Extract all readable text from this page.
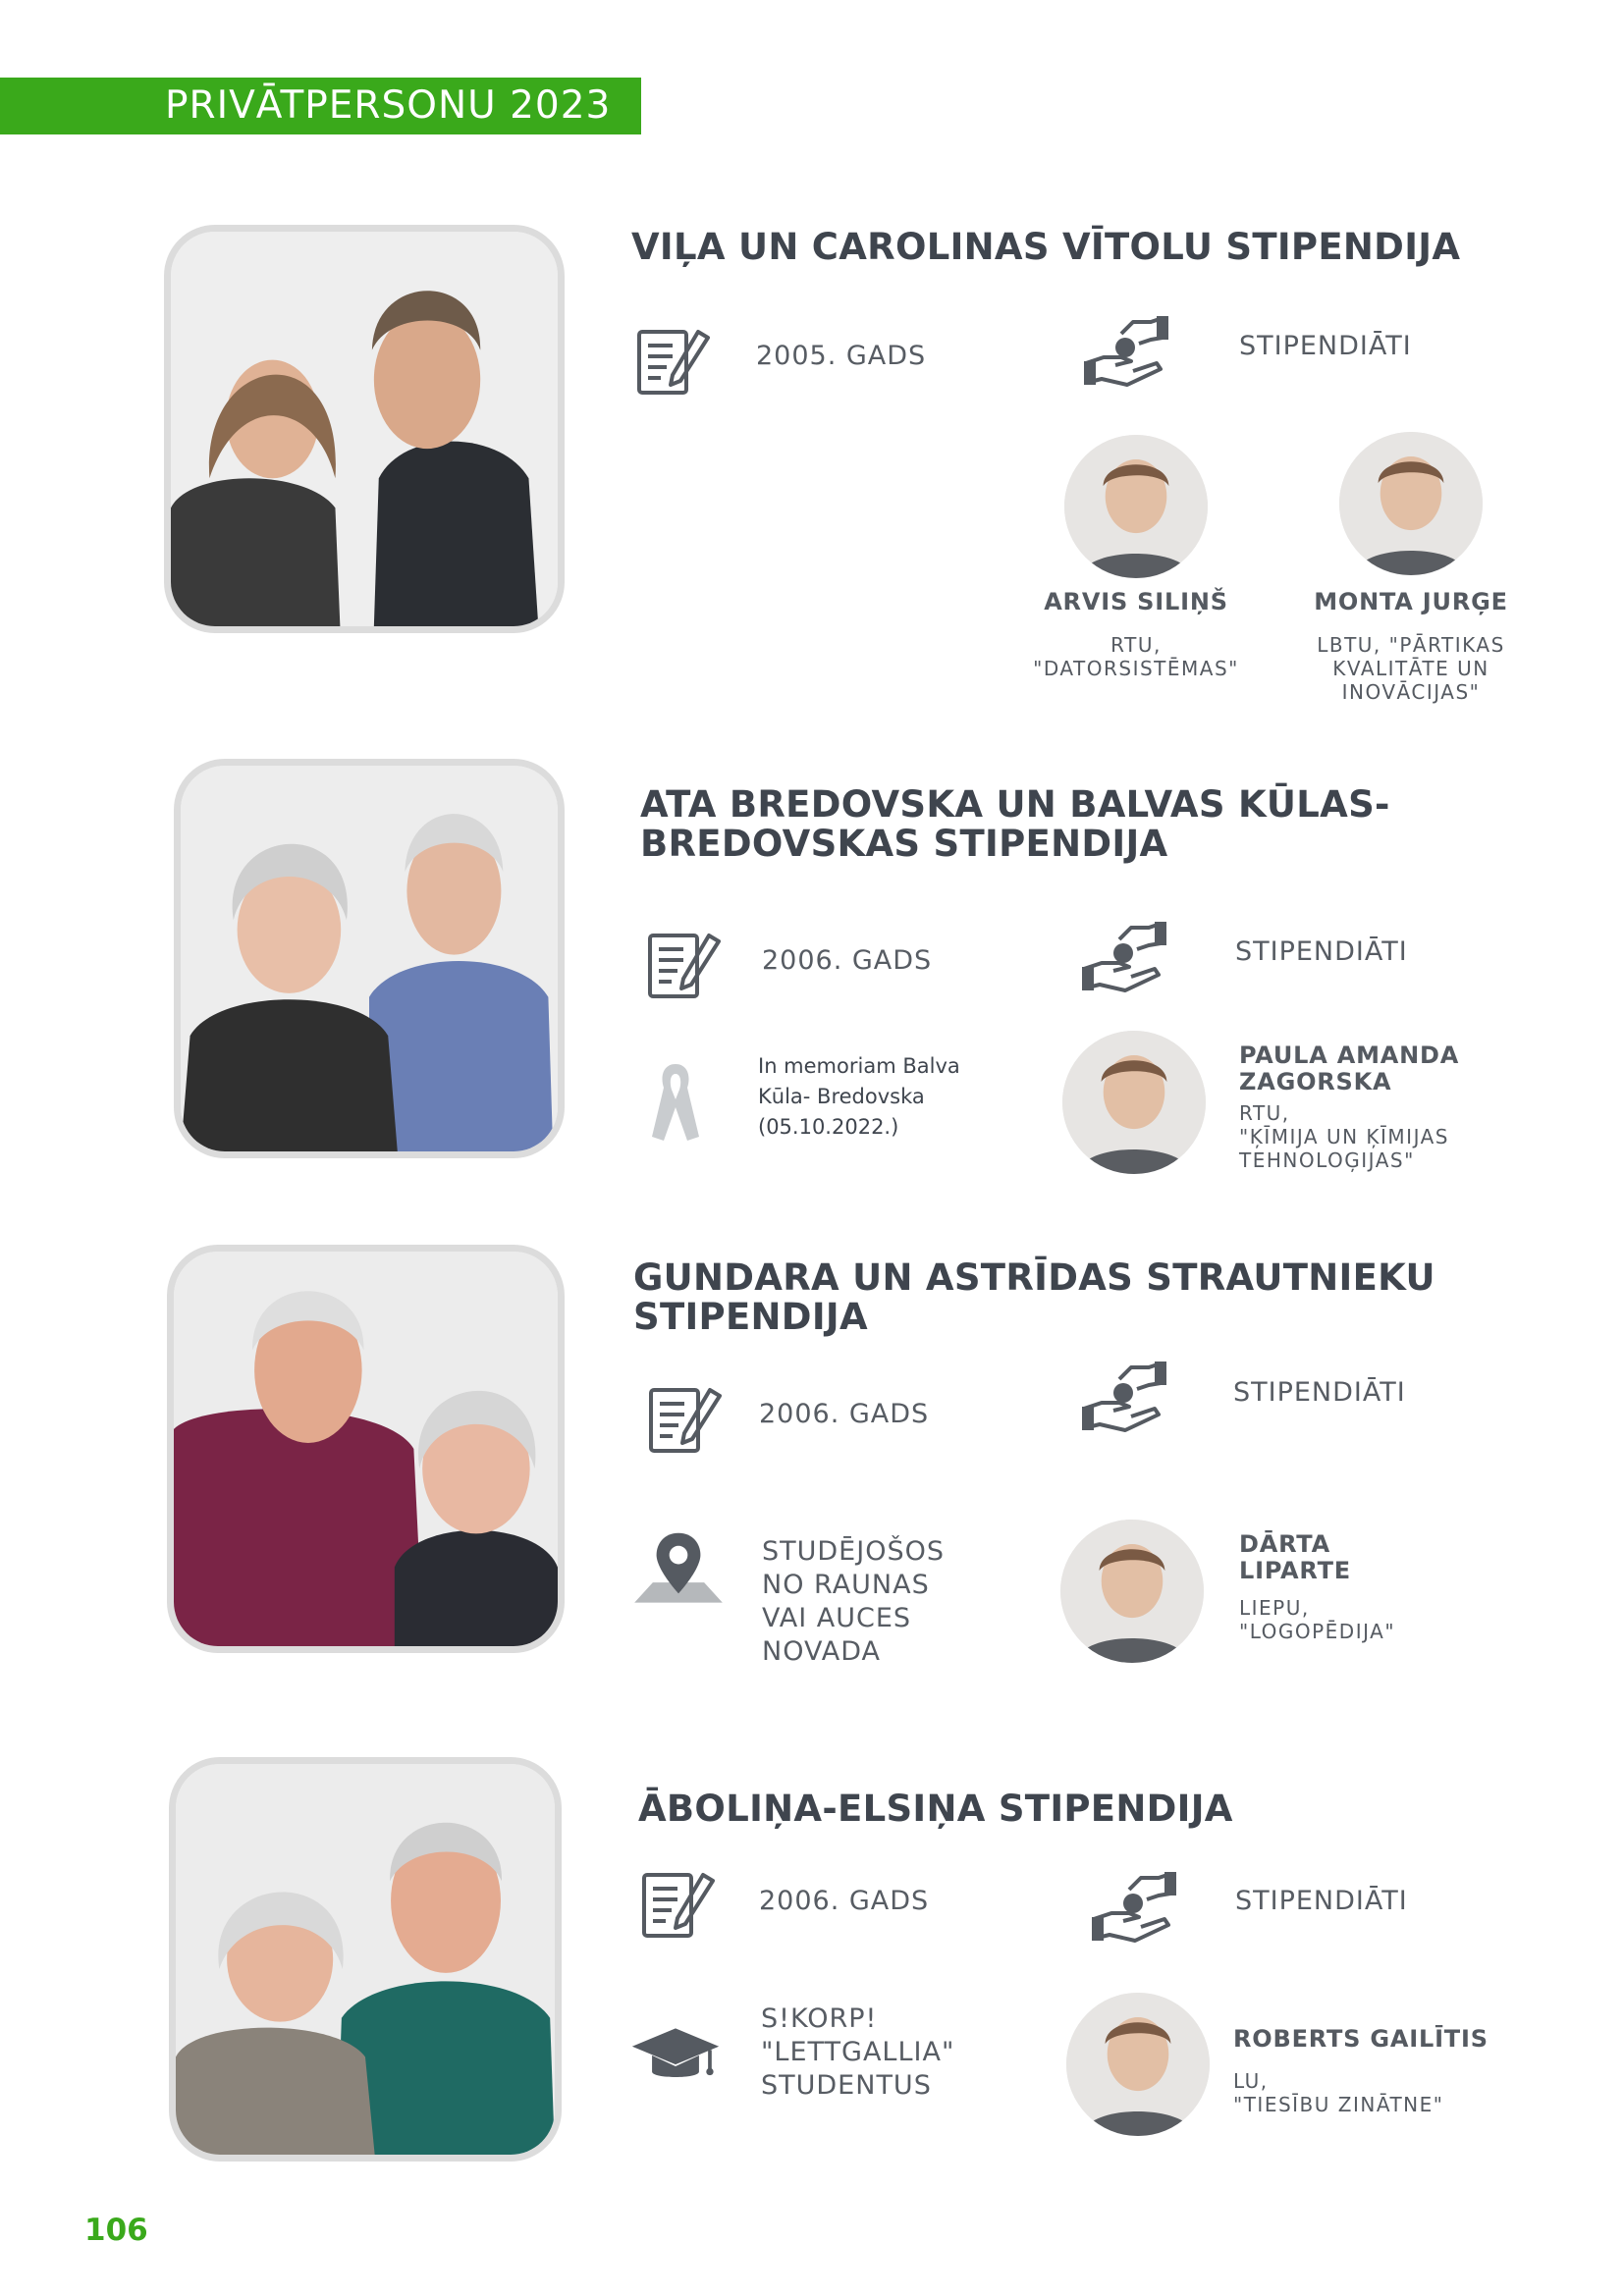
PRIVĀTPERSONU 2023
VIĻA UN CAROLINAS VĪTOLU STIPENDIJA
2005. GADS	STIPENDIĀTI
ARVIS SILIŅŠ
RTU,
"DATORSISTĒMAS"
MONTA JURĢE
LBTU, "PĀRTIKAS
KVALITĀTE UN
INOVĀCIJAS"
ATA BREDOVSKA UN BALVAS KŪLAS-
BREDOVSKAS STIPENDIJA
2006. GADS	STIPENDIĀTI
In memoriam Balva
Kūla- Bredovska
(05.10.2022.)
PAULA AMANDA
ZAGORSKA
RTU,
"ĶĪMIJA UN ĶĪMIJAS
TEHNOLOĢIJAS"
GUNDARA UN ASTRĪDAS STRAUTNIEKU
STIPENDIJA
2006. GADS
STIPENDIĀTI
STUDĒJOŠOS
NO RAUNAS
VAI AUCES
NOVADA
DĀRTA
LIPARTE
LIEPU,
"LOGOPĒDIJA"
ĀBOLIŅA-ELSIŅA STIPENDIJA
2006. GADS	STIPENDIĀTI
S!KORP!
"LETTGALLIA"
STUDENTUS
ROBERTS GAILĪTIS
LU,
"TIESĪBU ZINĀTNE"
106
